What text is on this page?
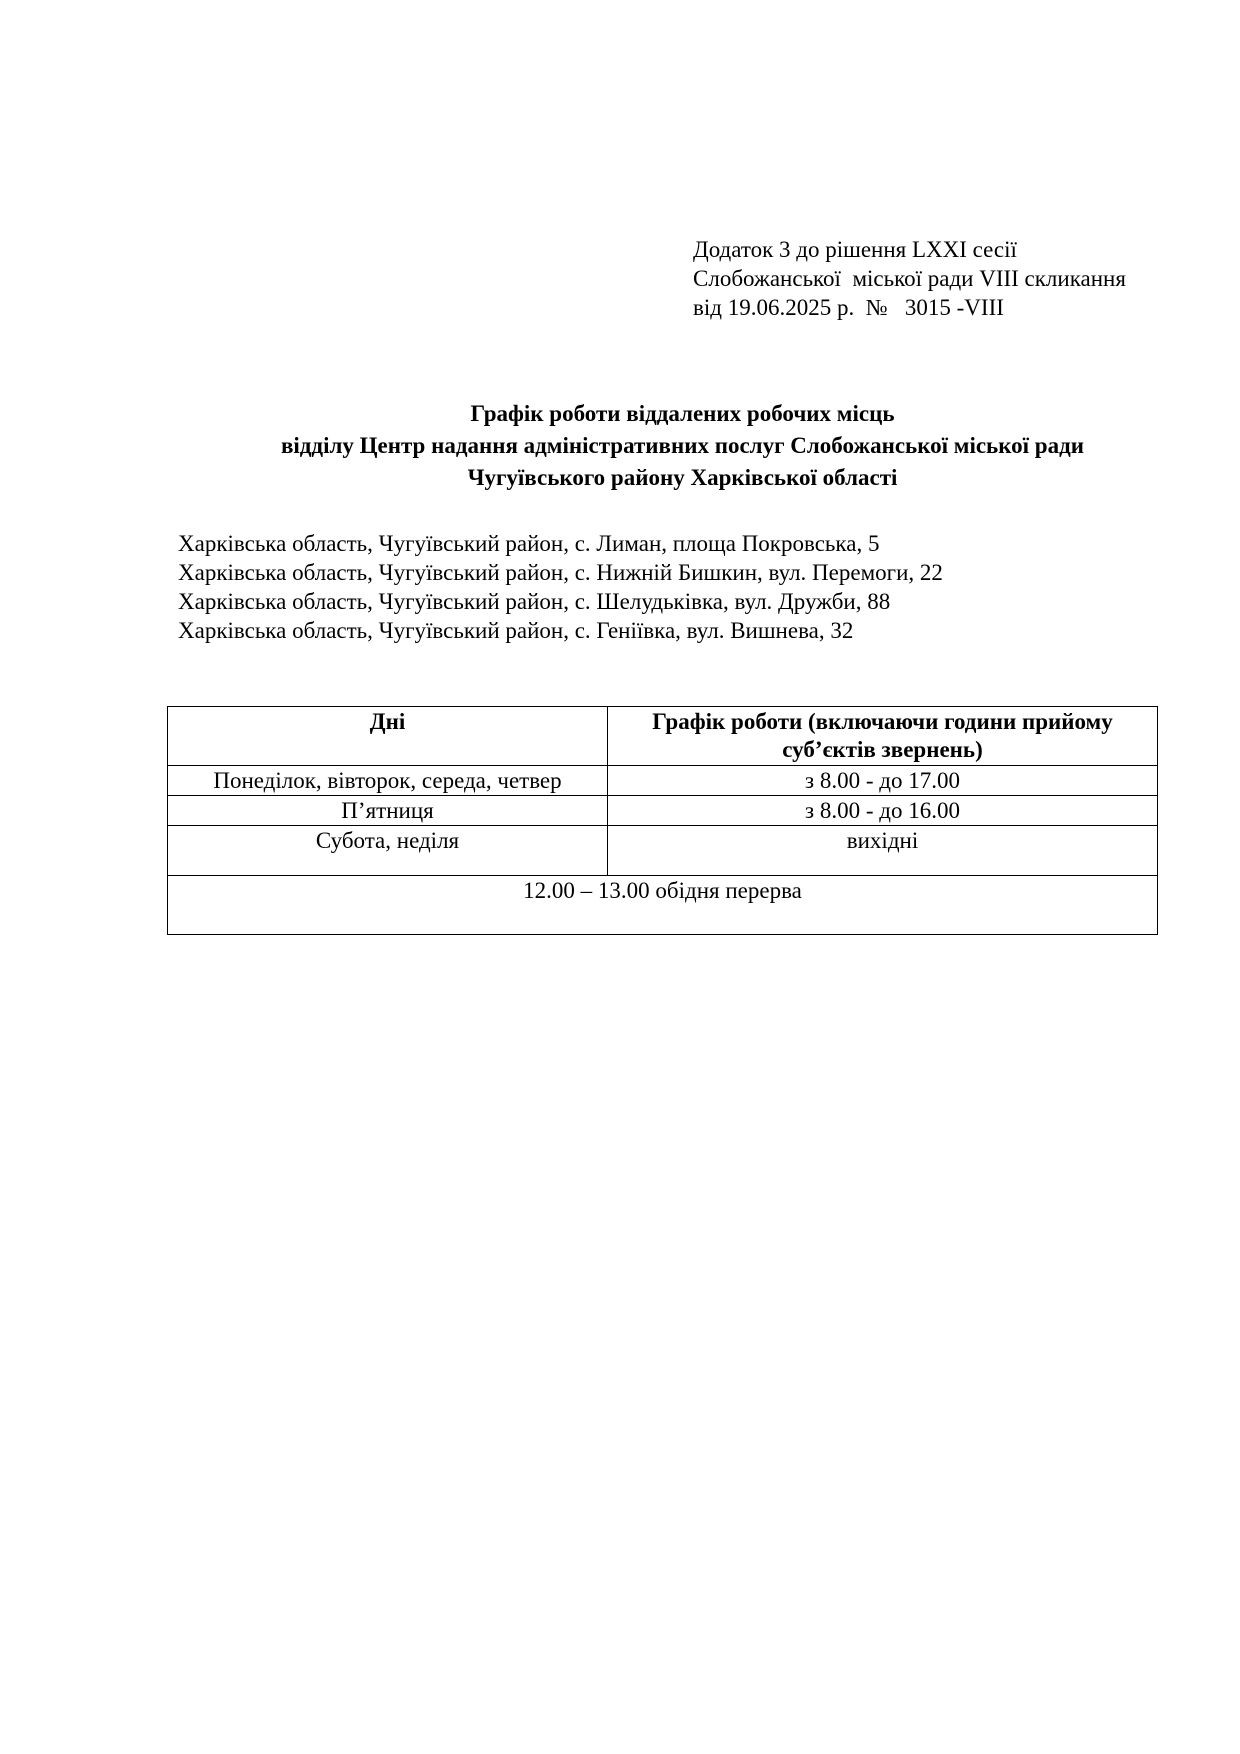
Додаток 3 до рішення LXXI сесії
Слобожанської  міської ради VIII скликання
від 19.06.2025 р.  №   3015 -VIII
Графік роботи віддалених робочих місць
відділу Центр надання адміністративних послуг Слобожанської міської ради
Чугуївського району Харківської області
Харківська область, Чугуївський район, с. Лиман, площа Покровська, 5
Харківська область, Чугуївський район, с. Нижній Бишкин, вул. Перемоги, 22
Харківська область, Чугуївський район, с. Шелудьківка, вул. Дружби, 88
Харківська область, Чугуївський район, с. Геніївка, вул. Вишнева, 32
Дні	Графік роботи (включаючи години прийому суб’єктів звернень)
Понеділок, вівторок, середа, четвер	з 8.00 - до 17.00
П’ятниця	з 8.00 - до 16.00
Субота, неділя	вихідні
12.00 – 13.00 обідня перерва	
